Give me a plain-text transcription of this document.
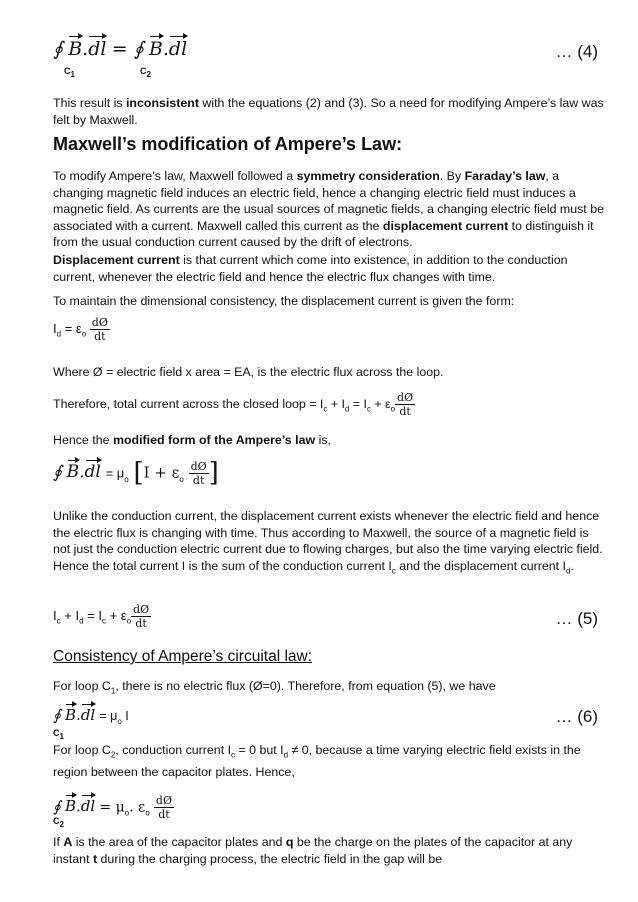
∮ B.dl = ∮ B.dl
$C_1$	$C_2$
… (4)

This result is inconsistent with the equations (2) and (3). So a need for modifying Ampere’s law was felt by Maxwell.

Maxwell’s modification of Ampere’s Law:

To modify Ampere’s law, Maxwell followed a symmetry consideration. By Faraday’s law, a changing magnetic field induces an electric field, hence a changing electric field must induces a magnetic field. As currents are the usual sources of magnetic fields, a changing electric field must be associated with a current. Maxwell called this current as the displacement current to distinguish it from the usual conduction current caused by the drift of electrons.

Displacement current is that current which come into existence, in addition to the conduction current, whenever the electric field and hence the electric flux changes with time.

To maintain the dimensional consistency, the displacement current is given the form:

$I_d = \varepsilon_o \frac{dØ}{dt}$

Where Ø = electric field x area = EA, is the electric flux across the loop.

Therefore, total current across the closed loop = $I_c + I_d = I_c + \varepsilon_o \frac{dØ}{dt}$

Hence the modified form of the Ampere’s law is,

∮ $B.dl = \mu_o$ [$I + \varepsilon_o \frac{dØ}{dt}$ ]

Unlike the conduction current, the displacement current exists whenever the electric field and hence the electric flux is changing with time. Thus according to Maxwell, the source of a magnetic field is not just the conduction electric current due to flowing charges, but also the time varying electric field. Hence the total current I is the sum of the conduction current $I_c$ and the displacement current $I_d$.

$I_c + I_d = I_c + \varepsilon_o \frac{dØ}{dt}$	… (5)
Consistency of Ampere’s circuital law:

For loop $C_1$, there is no electric flux (Ø=0). Therefore, from equation (5), we have

∮ $B.dl = \mu_o$ I
$C_1$
… (6)

For loop $C_2$, conduction current $I_c = 0$ but $I_d \ne 0$, because a time varying electric field exists in the region between the capacitor plates. Hence,

∮ $B.dl = \mu_o$. $\varepsilon_o \frac{dØ}{dt}$
$C_2$

If A is the area of the capacitor plates and q be the charge on the plates of the capacitor at any instant t during the charging process, the electric field in the gap will be
